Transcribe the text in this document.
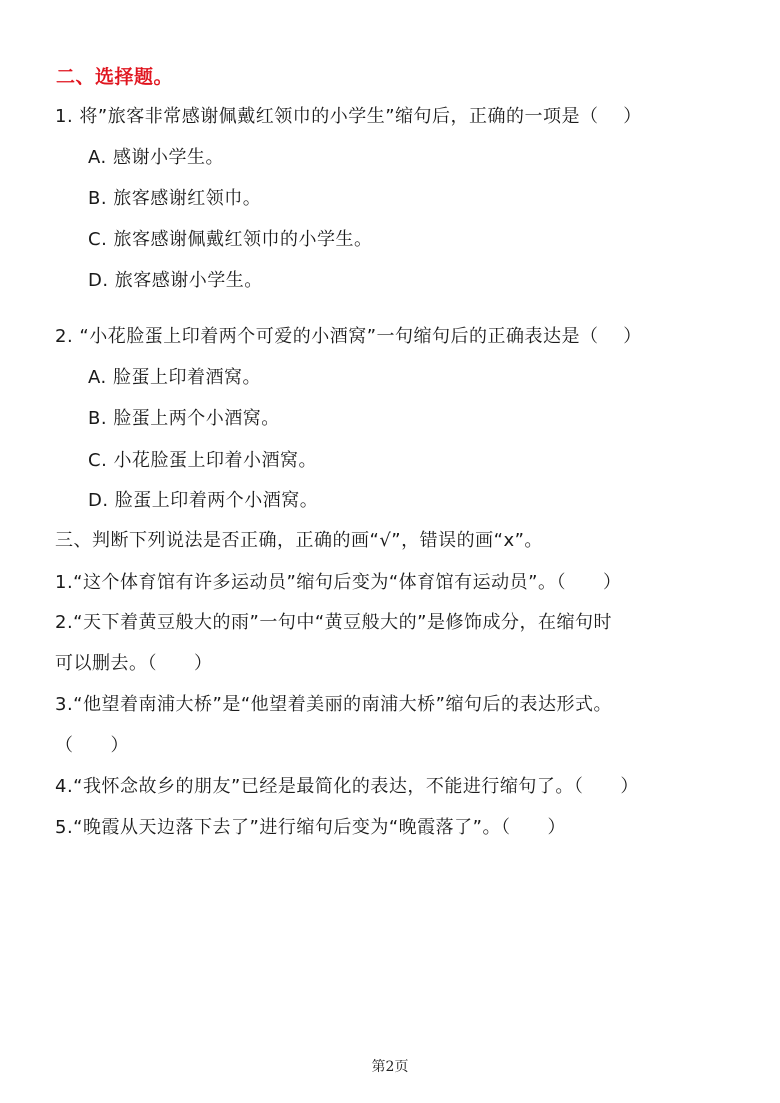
二、选择题。
1. 将”旅客非常感谢佩戴红领巾的小学生”缩句后，正确的一项是（　 ）
A. 感谢小学生。
B. 旅客感谢红领巾。
C. 旅客感谢佩戴红领巾的小学生。
D. 旅客感谢小学生。
2. “小花脸蛋上印着两个可爱的小酒窝”一句缩句后的正确表达是（　 ）
A. 脸蛋上印着酒窝。
B. 脸蛋上两个小酒窝。
C. 小花脸蛋上印着小酒窝。
D. 脸蛋上印着两个小酒窝。
三、判断下列说法是否正确，正确的画“√”，错误的画“x”。
1.“这个体育馆有许多运动员”缩句后变为“体育馆有运动员”。（　　）
2.“天下着黄豆般大的雨”一句中“黄豆般大的”是修饰成分，在缩句时
可以删去。（　　）
3.“他望着南浦大桥”是“他望着美丽的南浦大桥”缩句后的表达形式。
（　　）
4.“我怀念故乡的朋友”已经是最简化的表达，不能进行缩句了。（　　）
5.“晚霞从天边落下去了”进行缩句后变为“晚霞落了”。（　　）
第2页
